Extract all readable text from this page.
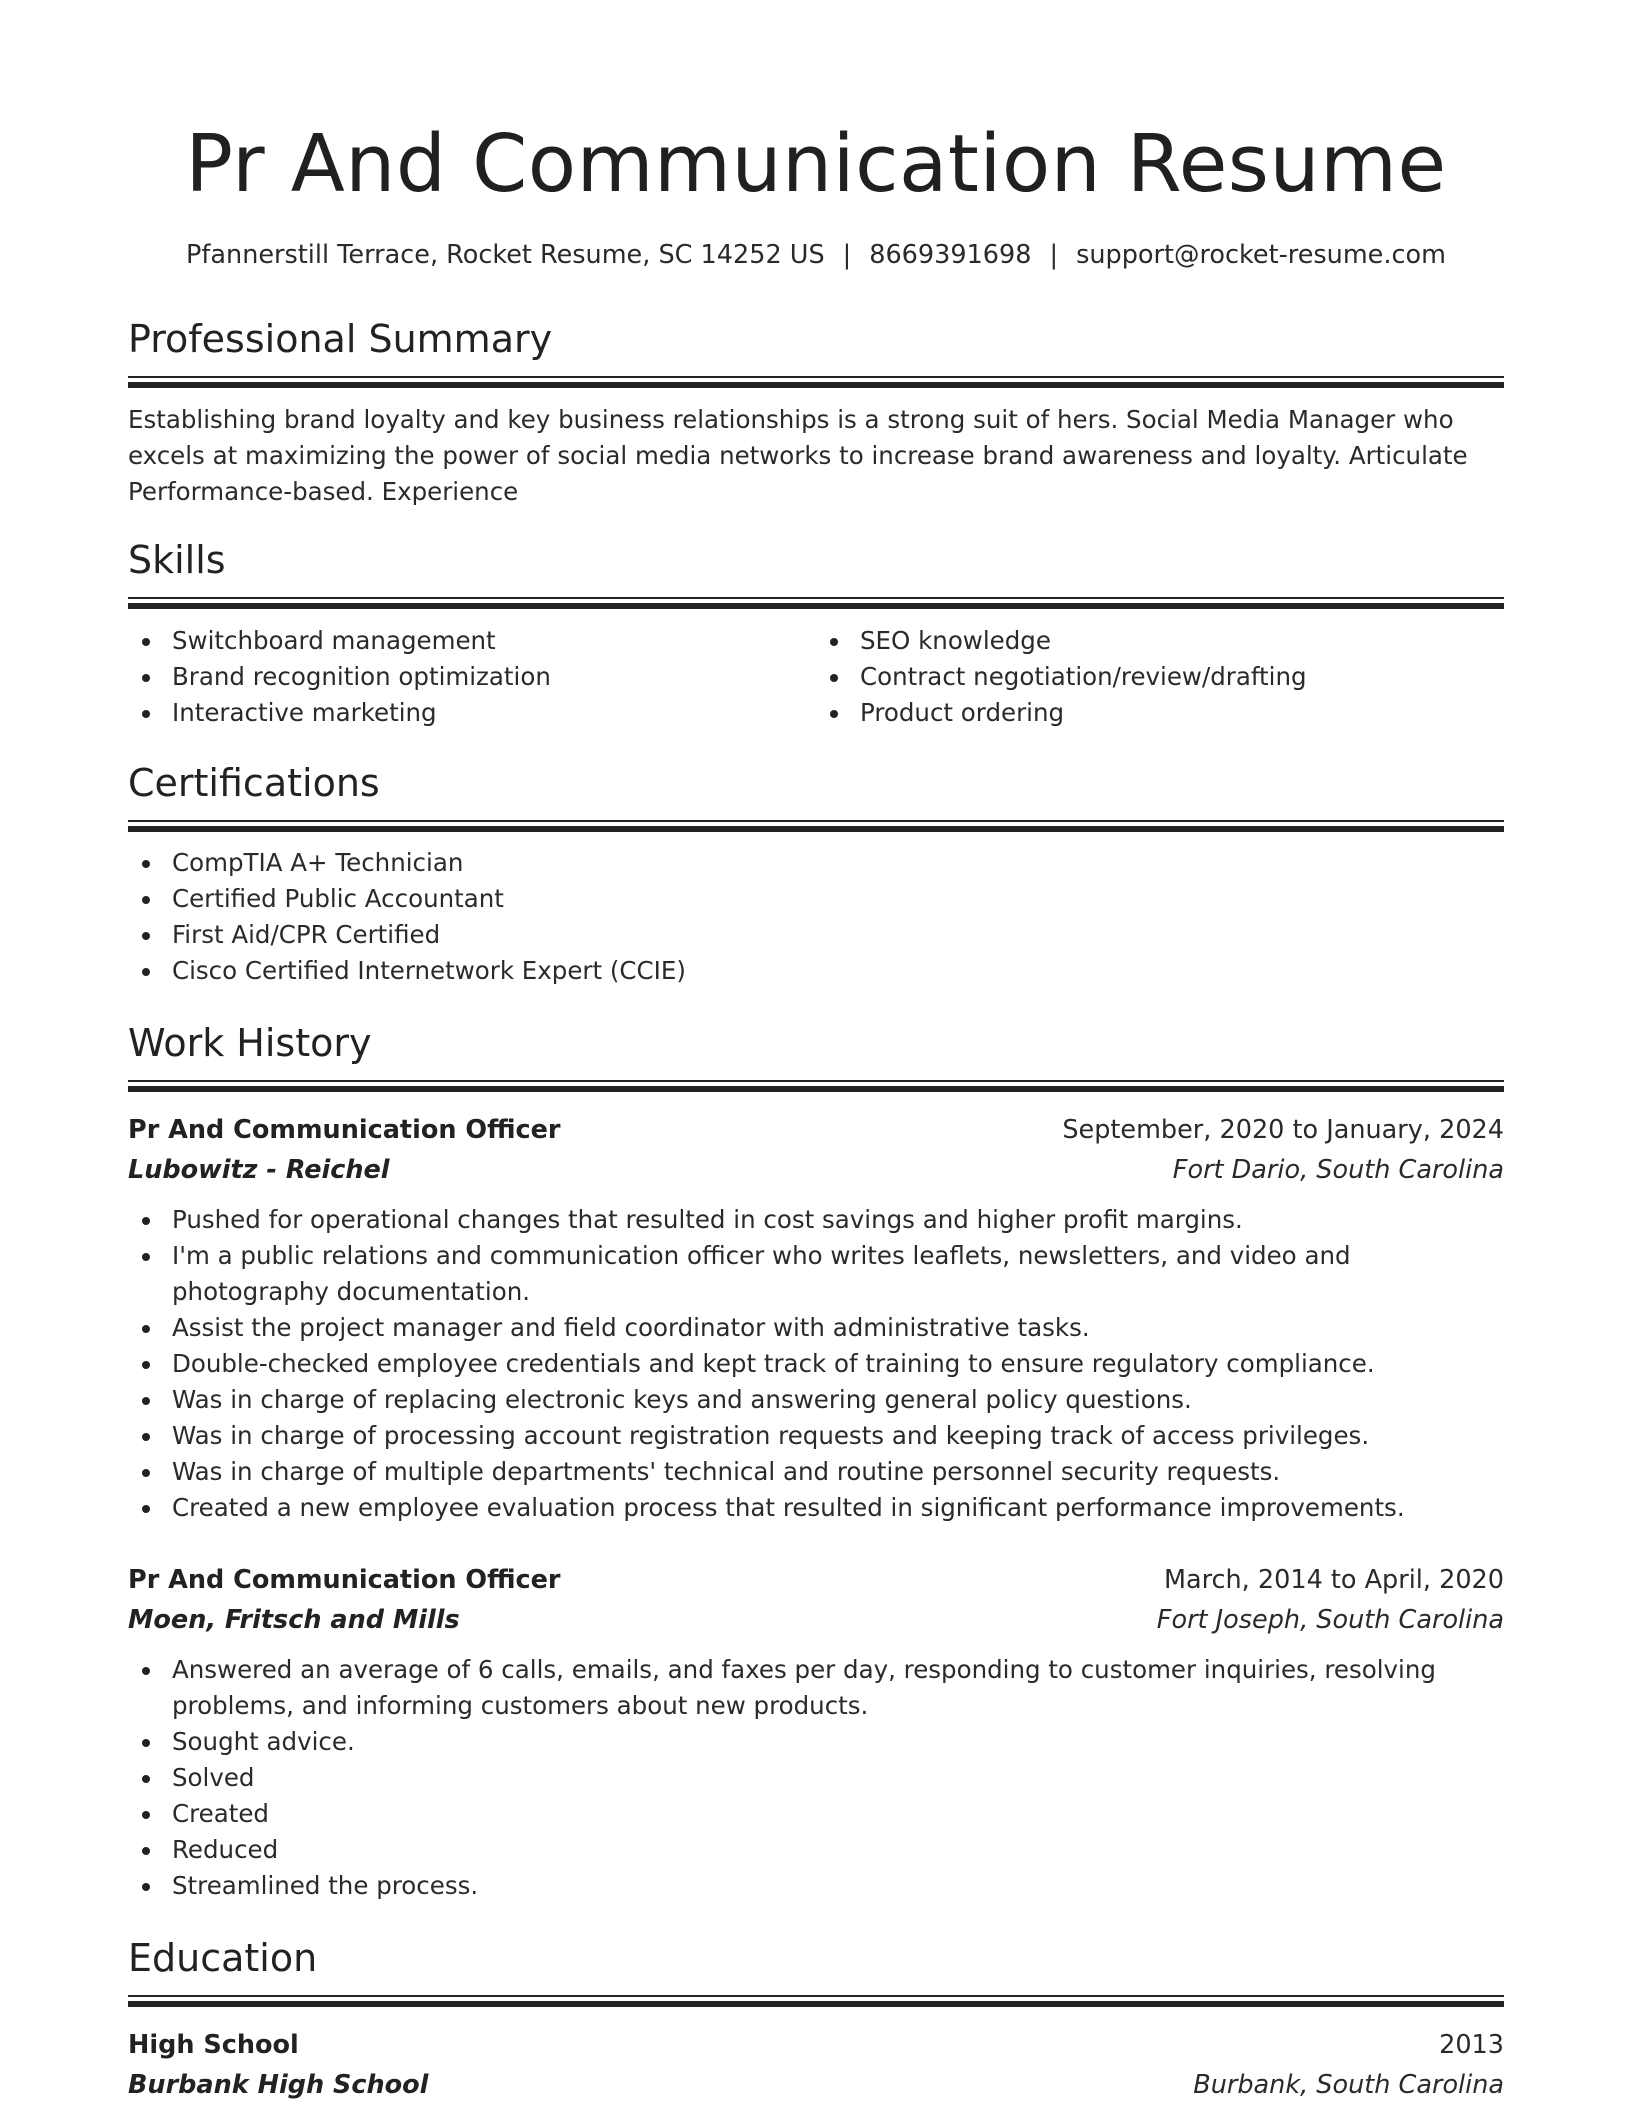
Pr And Communication Resume
Pfannerstill Terrace, Rocket Resume, SC 14252 US | 8669391698 | support@rocket-resume.com
Professional Summary

Establishing brand loyalty and key business relationships is a strong suit of hers. Social Media Manager who excels at maximizing the power of social media networks to increase brand awareness and loyalty. Articulate Performance-based. Experience

Skills
Switchboard management
Brand recognition optimization
Interactive marketing
SEO knowledge
Contract negotiation/review/drafting
Product ordering
Certifications
CompTIA A+ Technician
Certified Public Accountant
First Aid/CPR Certified
Cisco Certified Internetwork Expert (CCIE)
Work History
Pr And Communication Officer	September, 2020 to January, 2024
Lubowitz - Reichel	Fort Dario, South Carolina
Pushed for operational changes that resulted in cost savings and higher profit margins.
I'm a public relations and communication officer who writes leaflets, newsletters, and video and photography documentation.
Assist the project manager and field coordinator with administrative tasks.
Double-checked employee credentials and kept track of training to ensure regulatory compliance.
Was in charge of replacing electronic keys and answering general policy questions.
Was in charge of processing account registration requests and keeping track of access privileges.
Was in charge of multiple departments' technical and routine personnel security requests.
Created a new employee evaluation process that resulted in significant performance improvements.
Pr And Communication Officer	March, 2014 to April, 2020
Moen, Fritsch and Mills	Fort Joseph, South Carolina
Answered an average of 6 calls, emails, and faxes per day, responding to customer inquiries, resolving problems, and informing customers about new products.
Sought advice.
Solved
Created
Reduced
Streamlined the process.
Education
High School	2013
Burbank High School	Burbank, South Carolina
